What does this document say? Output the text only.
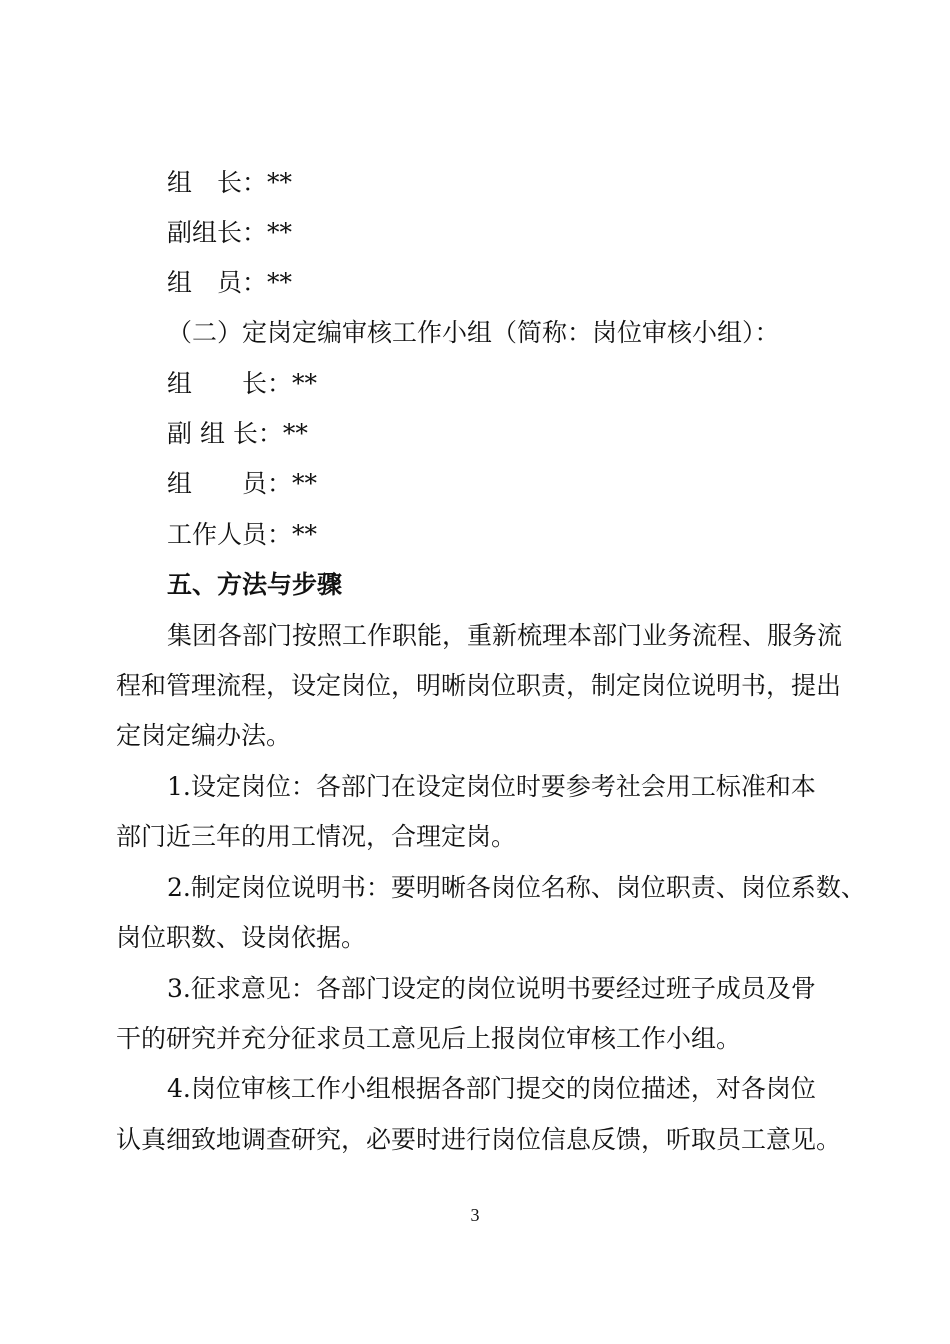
组　长：**
副组长：**
组　员：**
（二）定岗定编审核工作小组（简称：岗位审核小组）：
组　　长：**
副 组 长：**
组　　员：**
工作人员：**
五、方法与步骤
集团各部门按照工作职能，重新梳理本部门业务流程、服务流
程和管理流程，设定岗位，明晰岗位职责，制定岗位说明书，提出
定岗定编办法。
1.设定岗位：各部门在设定岗位时要参考社会用工标准和本
部门近三年的用工情况，合理定岗。
2.制定岗位说明书：要明晰各岗位名称、岗位职责、岗位系数、
岗位职数、设岗依据。
3.征求意见：各部门设定的岗位说明书要经过班子成员及骨
干的研究并充分征求员工意见后上报岗位审核工作小组。
4.岗位审核工作小组根据各部门提交的岗位描述，对各岗位
认真细致地调查研究，必要时进行岗位信息反馈，听取员工意见。
3
